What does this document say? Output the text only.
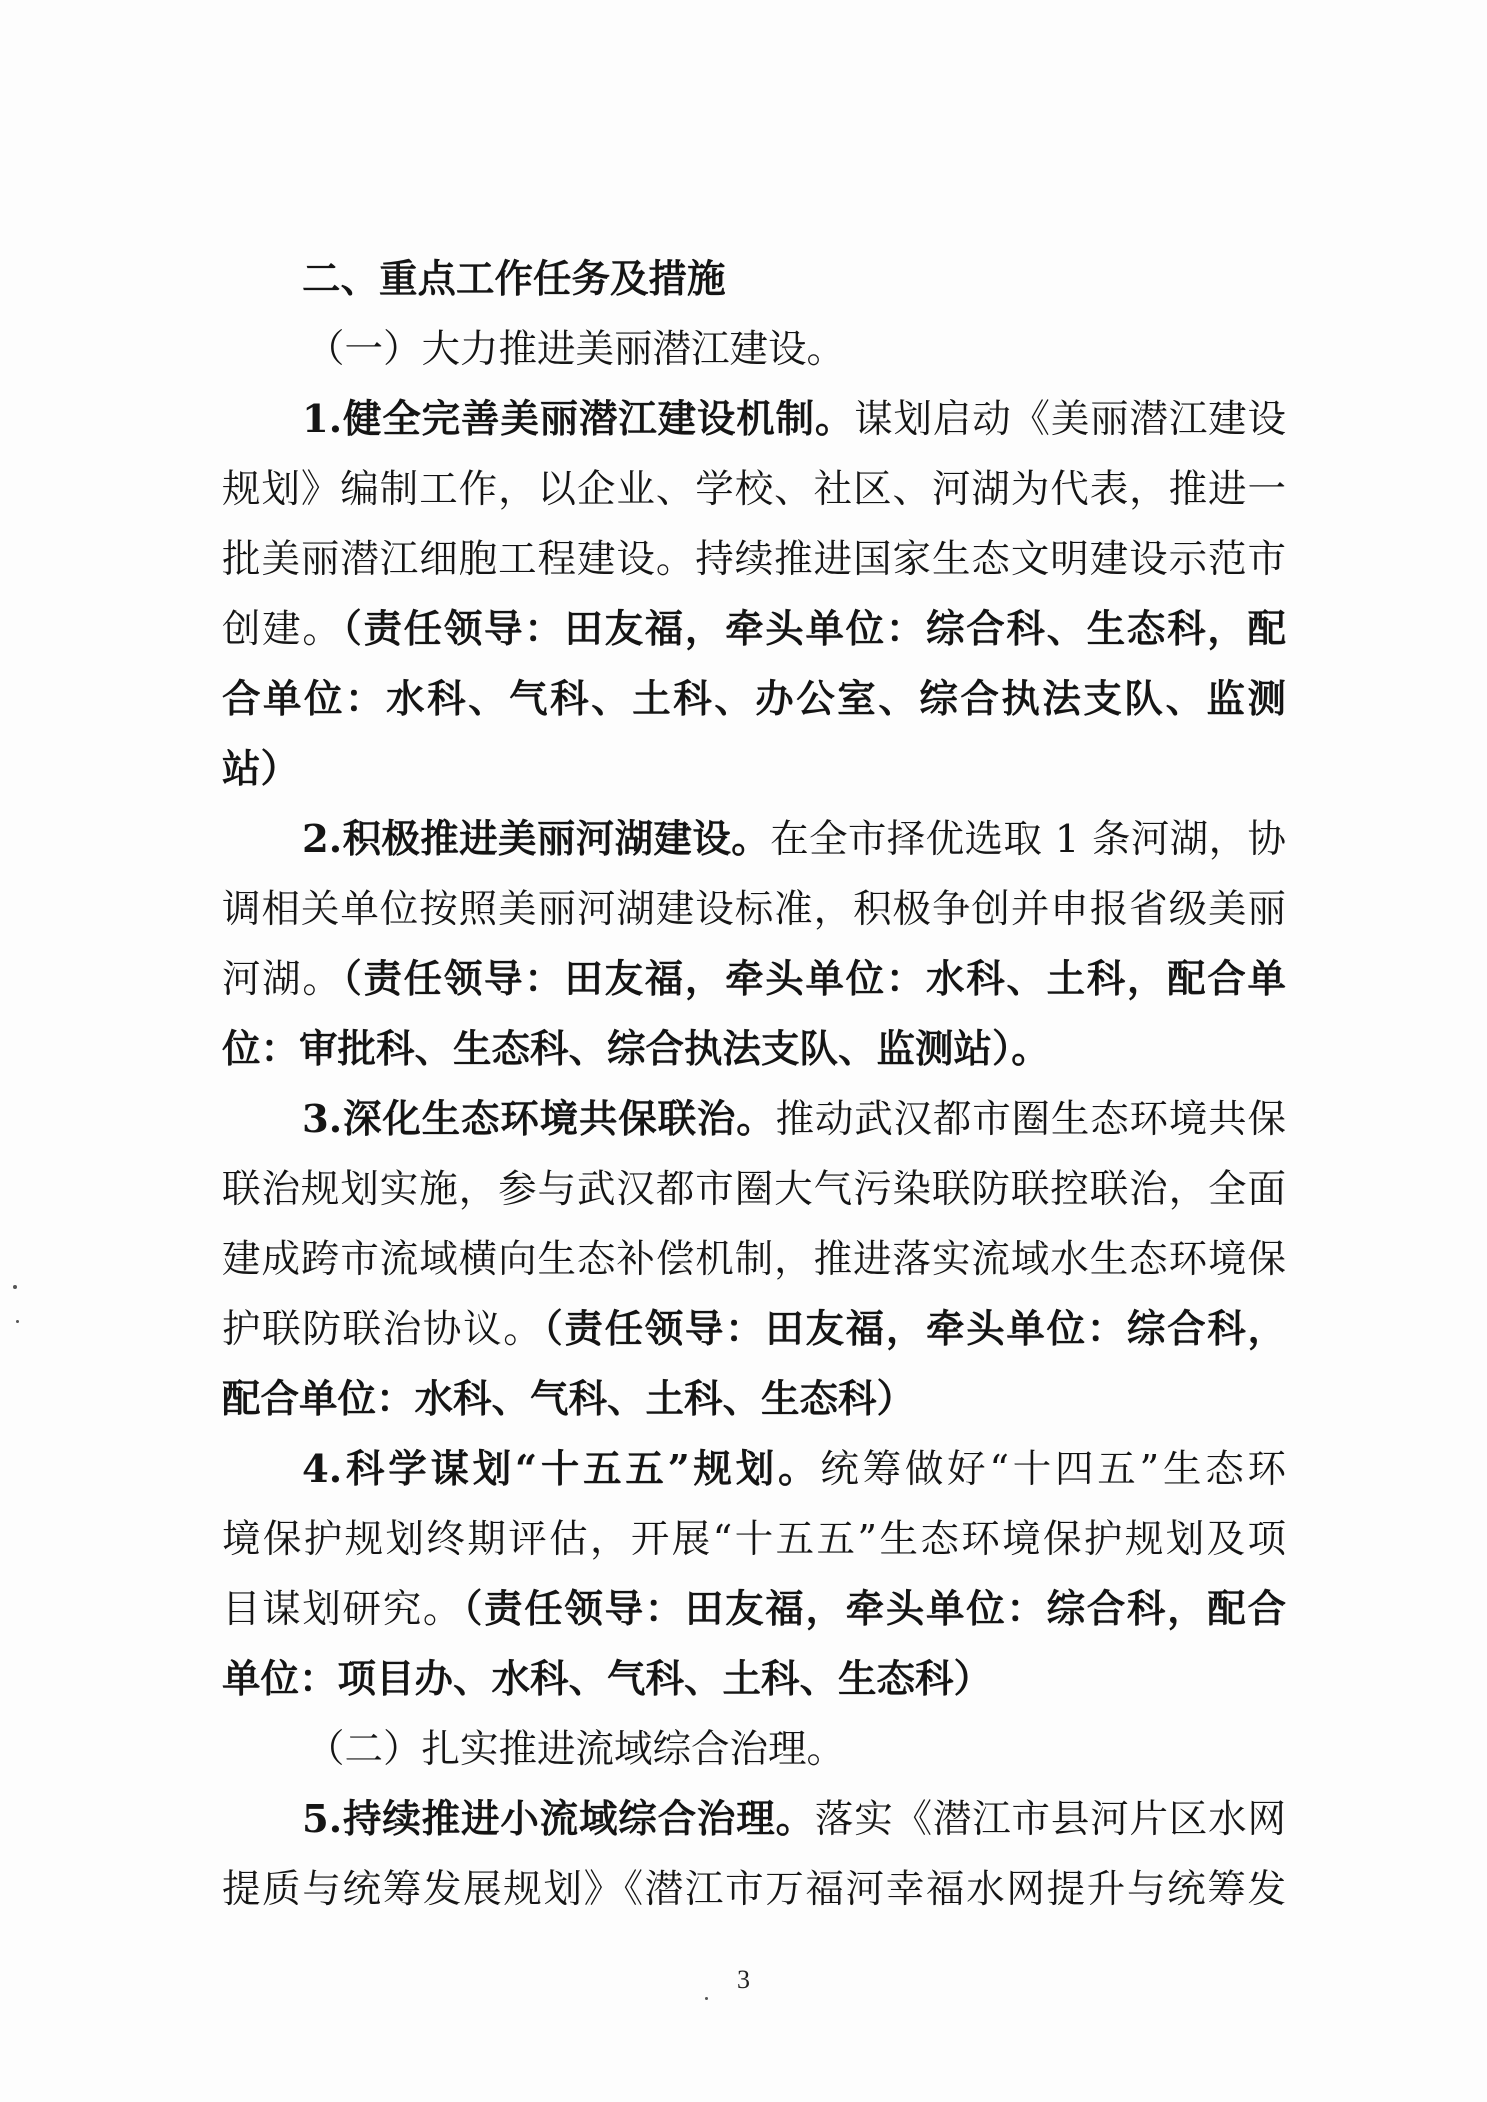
二、重点工作任务及措施
（一）大力推进美丽潜江建设。
1.健全完善美丽潜江建设机制。谋划启动《美丽潜江建设
规划》编制工作，以企业、学校、社区、河湖为代表，推进一
批美丽潜江细胞工程建设。持续推进国家生态文明建设示范市
创建。（责任领导：田友福，牵头单位：综合科、生态科，配
合单位：水科、气科、土科、办公室、综合执法支队、监测
站）
2.积极推进美丽河湖建设。在全市择优选取 1 条河湖，协
调相关单位按照美丽河湖建设标准，积极争创并申报省级美丽
河湖。（责任领导：田友福，牵头单位：水科、土科，配合单
位：审批科、生态科、综合执法支队、监测站）。
3.深化生态环境共保联治。推动武汉都市圈生态环境共保
联治规划实施，参与武汉都市圈大气污染联防联控联治，全面
建成跨市流域横向生态补偿机制，推进落实流域水生态环境保
护联防联治协议。（责任领导：田友福，牵头单位：综合科，
配合单位：水科、气科、土科、生态科）
4.科学谋划“十五五”规划。统筹做好“十四五”生态环
境保护规划终期评估，开展“十五五”生态环境保护规划及项
目谋划研究。（责任领导：田友福，牵头单位：综合科，配合
单位：项目办、水科、气科、土科、生态科）
（二）扎实推进流域综合治理。
5.持续推进小流域综合治理。落实《潜江市县河片区水网
提质与统筹发展规划》《潜江市万福河幸福水网提升与统筹发
3
